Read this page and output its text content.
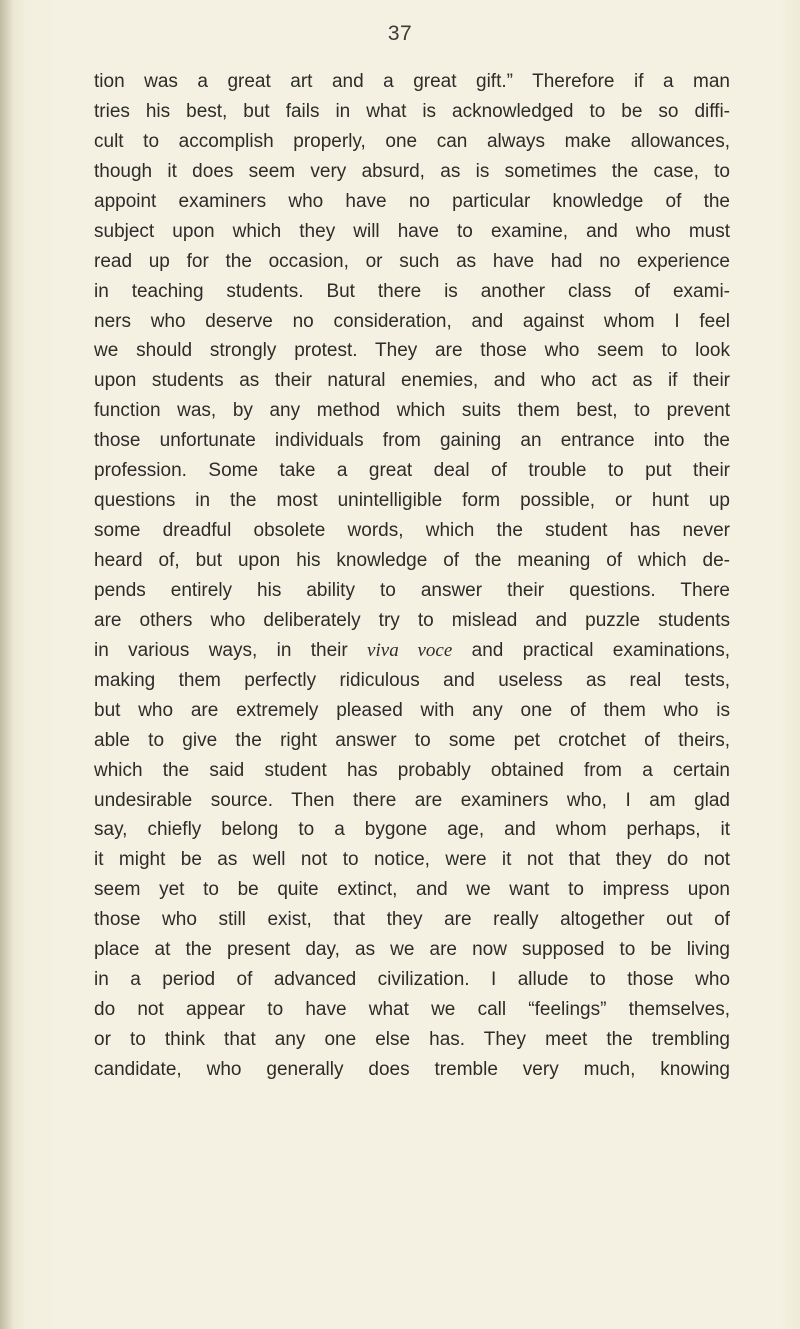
37
tion was a great art and a great gift.” Therefore if a man
tries his best, but fails in what is acknowledged to be so diffi-
cult to accomplish properly, one can always make allowances,
though it does seem very absurd, as is sometimes the case, to
appoint examiners who have no particular knowledge of the
subject upon which they will have to examine, and who must
read up for the occasion, or such as have had no experience
in teaching students. But there is another class of exami-
ners who deserve no consideration, and against whom I feel
we should strongly protest. They are those who seem to look
upon students as their natural enemies, and who act as if their
function was, by any method which suits them best, to prevent
those unfortunate individuals from gaining an entrance into the
profession. Some take a great deal of trouble to put their
questions in the most unintelligible form possible, or hunt up
some dreadful obsolete words, which the student has never
heard of, but upon his knowledge of the meaning of which de-
pends entirely his ability to answer their questions. There
are others who deliberately try to mislead and puzzle students
in various ways, in their viva voce and practical examinations,
making them perfectly ridiculous and useless as real tests,
but who are extremely pleased with any one of them who is
able to give the right answer to some pet crotchet of theirs,
which the said student has probably obtained from a certain
undesirable source. Then there are examiners who, I am glad
say, chiefly belong to a bygone age, and whom perhaps, it
it might be as well not to notice, were it not that they do not
seem yet to be quite extinct, and we want to impress upon
those who still exist, that they are really altogether out of
place at the present day, as we are now supposed to be living
in a period of advanced civilization. I allude to those who
do not appear to have what we call “feelings” themselves,
or to think that any one else has. They meet the trembling
candidate, who generally does tremble very much, knowing
